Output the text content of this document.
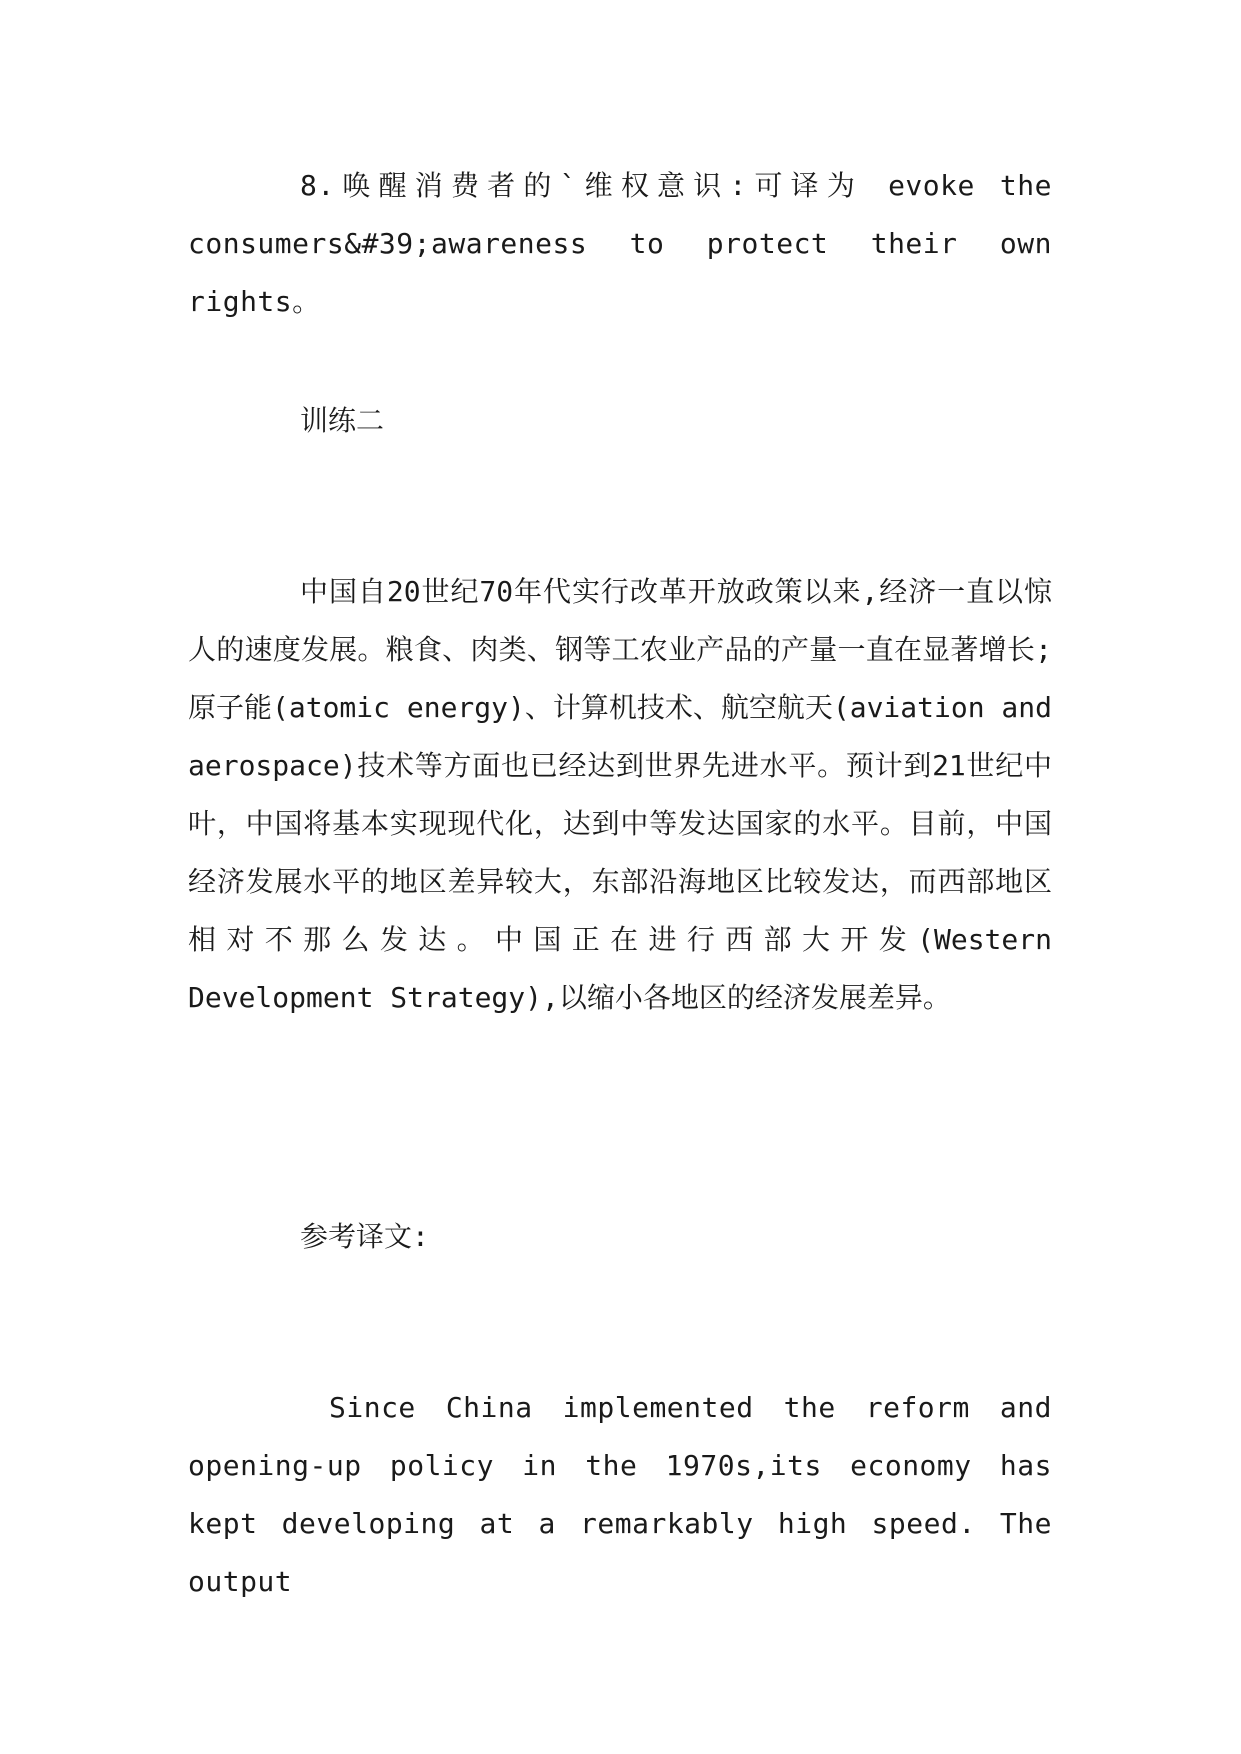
8.唤醒消费者的`维权意识:可译为 evoke the consumers&#39;awareness to protect their own rights。

训练二

中国自20世纪70年代实行改革开放政策以来,经济一直以惊人的速度发展。粮食、肉类、钢等工农业产品的产量一直在显著增长;原子能(atomic energy)、计算机技术、航空航天(aviation and aerospace)技术等方面也已经达到世界先进水平。预计到21世纪中叶，中国将基本实现现代化，达到中等发达国家的水平。目前，中国经济发展水平的地区差异较大，东部沿海地区比较发达，而西部地区相对不那么发达。中国正在进行西部大开发(Western Development Strategy),以缩小各地区的经济发展差异。

参考译文:

Since China implemented the reform and opening-up policy in the 1970s,its economy has kept developing at a remarkably high speed. The output
